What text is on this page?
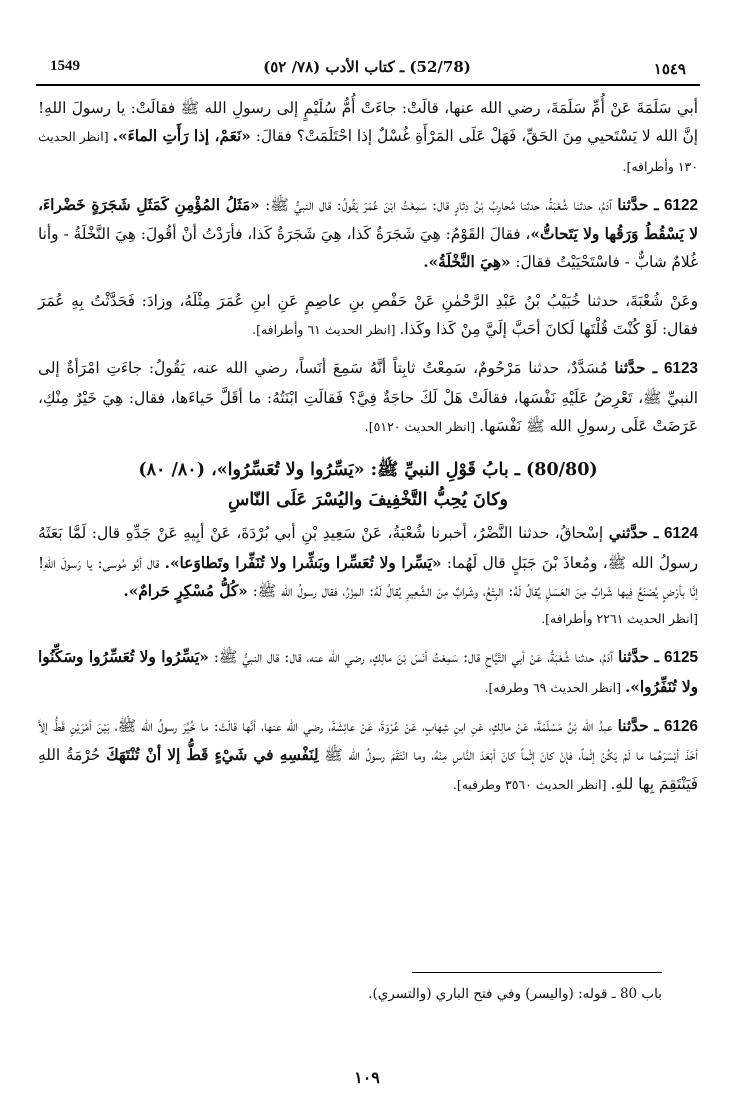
1549	(52/78) ـ كتاب الأدب (٧٨/ ٥٢)	١٥٤٩

أبي سَلَمَةَ عَنْ أُمِّ سَلَمَةَ، رضي الله عنها، قالَتْ: جاءَتْ أُمُّ سُلَيْمٍ إلى رسولِ الله ﷺ فقالَتْ: يا رسولَ اللهِ! إنَّ الله لا يَسْتَحيي مِنَ الحَقِّ، فَهَلْ عَلَى المَرْأَةِ غُسْلٌ إذا احْتَلَمَتْ؟ فقالَ: «نَعَمْ، إذا رَأَتِ الماءَ». [انظر الحديث ١٣٠ وأطرافه].

6122 ـ حدَّثنا آدَمُ، حدثنا شُعْبَةُ، حدثنا مُحارِبُ بْنُ دِثارٍ قال: سَمِعْتُ ابْنَ عُمَرَ يَقُولُ: قال النبيُّ ﷺ: «مَثَلُ المُؤْمِنِ كَمَثَلِ شَجَرَةٍ خَضْراءَ، لا يَسْقُطُ وَرَقُها ولا يَتَحاتُّ»، فقالَ القَوْمُ: هِيَ شَجَرَةُ كَذا، هِيَ شَجَرَةُ كَذا، فأرَدْتُ أنْ أقُولَ: هِيَ النَّخْلَةُ - وأنا غُلامٌ شابٌّ - فاسْتَحْيَيْتُ فقالَ: «هِيَ النَّخْلَةُ».

وعَنْ شُعْبَةَ، حدثنا خُبَيْبُ بْنُ عَبْدِ الرَّحْمٰنِ عَنْ حَفْصِ بنِ عاصِمٍ عَنِ ابنِ عُمَرَ مِثْلَهُ، وزادَ: فَحَدَّثْتُ بِهِ عُمَرَ فقال: لَوْ كُنْتَ قُلْتَها لَكانَ أحَبَّ إلَيَّ مِنْ كَذا وكَذا. [انظر الحديث ٦١ وأطرافه].

6123 ـ حدَّثنا مُسَدَّدٌ، حدثنا مَرْحُومٌ، سَمِعْتُ ثابِتاً أنَّهُ سَمِعَ أنَساً، رضي الله عنه، يَقُولُ: جاءَتِ امْرَأةٌ إلى النبيِّ ﷺ، تَعْرِضُ عَلَيْهِ نَفْسَها، فقالَتْ هَلْ لَكَ حاجَةٌ فِيَّ؟ فَقالَتِ ابْنَتُهُ: ما أقَلَّ حَياءَها، فقال: هِيَ خَيْرٌ مِنْكِ، عَرَضَتْ عَلَى رسولِ الله ﷺ نَفْسَها. [انظر الحديث ٥١٢٠].

(80/80) ـ بابُ قَوْلِ النبيِّ ﷺ: «يَسِّرُوا ولا تُعَسِّرُوا»، (٨٠/ ٨٠)
وكانَ يُحِبُّ التَّخْفِيفَ واليُسْرَ عَلَى النّاسِ

6124 ـ حدَّثني إسْحاقُ، حدثنا النَّضْرُ، أخبرنا شُعْبَةُ، عَنْ سَعِيدِ بْنِ أبي بُرْدَةَ، عَنْ أبِيهِ عَنْ جَدِّهِ قال: لَمَّا بَعَثَهُ رسولُ الله ﷺ، ومُعاذَ بْنَ جَبَلٍ قال لَهُما: «يَسِّرا ولا تُعَسِّرا وبَشِّرا ولا تُنَفِّرا وتَطاوَعا». قال أبُو مُوسى: يا رَسولَ اللهِ! إنَّا بأرْضٍ يُصْنَعُ فِيها شَرابٌ مِنَ العَسَلِ يُقالُ لَهُ: البِتْعُ، وشَرابٌ مِنَ الشَّعِيرِ يُقالُ لَهُ: المِزْرُ، فقال رسولُ الله ﷺ: «كُلُّ مُسْكِرٍ حَرامٌ».

[انظر الحديث ٢٢٦١ وأطرافه].

6125 ـ حدَّثنا آدَمُ، حدثنا شُعْبَةُ، عَنْ أبي التَّيَّاحِ قال: سَمِعْتُ أنَسَ بْنَ مالِكٍ، رضي الله عنه، قال: قال النبيُّ ﷺ: «يَسِّرُوا ولا تُعَسِّرُوا وسَكِّنُوا ولا تُنَفِّرُوا». [انظر الحديث ٦٩ وطرفه].

6126 ـ حدَّثنا عبدُ الله بْنُ مَسْلَمَةَ، عَنْ مالِكٍ، عَنِ ابنِ شِهابٍ، عَنْ عُرْوَةَ، عَنْ عائِشَةَ، رضي الله عنها، أنَّها قالَتْ: ما خُيِّرَ رسولُ الله ﷺ، بَيْنَ أمْرَيْنِ قَطُّ إلاَّ أخَذَ أيْسَرَهُما ما لَمْ يَكُنْ إثْماً، فإنْ كانَ إثْماً كانَ أبْعَدَ النَّاسِ مِنْهُ، وما انْتَقَمَ رسولُ الله ﷺ لِنَفْسِهِ في شَيْءٍ قَطُّ إلا أنْ تُنْتَهَكَ حُرْمَةُ اللهِ فَيَنْتَقِمَ بِها للهِ. [انظر الحديث ٣٥٦٠ وطرفيه].

باب 80 ـ قوله: (واليسر) وفي فتح الباري (والتسري).
١٠٩
